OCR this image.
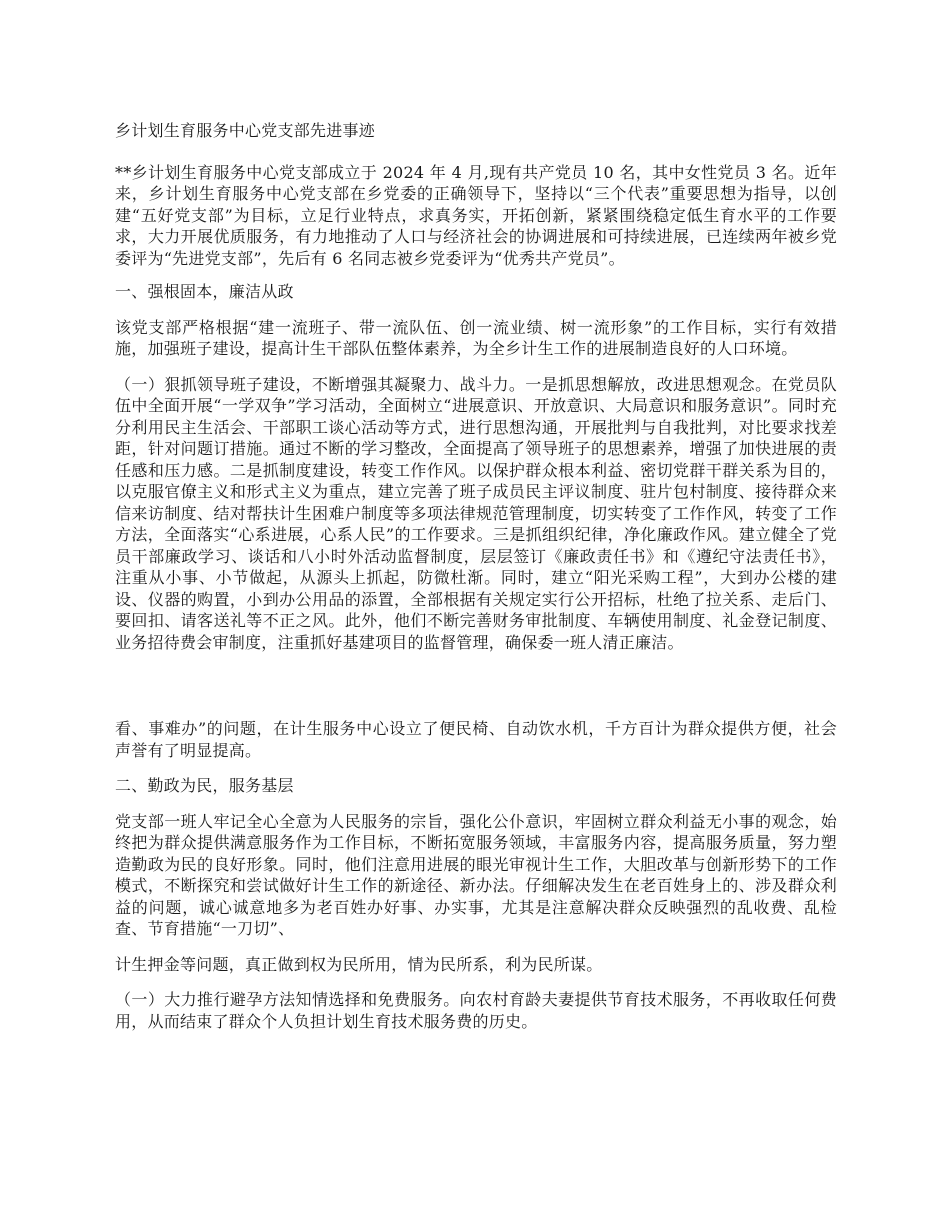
乡计划生育服务中心党支部先进事迹

**乡计划生育服务中心党支部成立于 2024 年 4 月,现有共产党员 10 名，其中女性党员 3 名。近年来，乡计划生育服务中心党支部在乡党委的正确领导下，坚持以“三个代表”重要思想为指导，以创建“五好党支部”为目标，立足行业特点，求真务实，开拓创新，紧紧围绕稳定低生育水平的工作要求，大力开展优质服务，有力地推动了人口与经济社会的协调进展和可持续进展，已连续两年被乡党委评为“先进党支部”，先后有 6 名同志被乡党委评为“优秀共产党员”。

一、强根固本，廉洁从政

该党支部严格根据“建一流班子、带一流队伍、创一流业绩、树一流形象”的工作目标，实行有效措施，加强班子建设，提高计生干部队伍整体素养，为全乡计生工作的进展制造良好的人口环境。

（一）狠抓领导班子建设，不断增强其凝聚力、战斗力。一是抓思想解放，改进思想观念。在党员队伍中全面开展“一学双争”学习活动，全面树立“进展意识、开放意识、大局意识和服务意识”。同时充分利用民主生活会、干部职工谈心活动等方式，进行思想沟通，开展批判与自我批判，对比要求找差距，针对问题订措施。通过不断的学习整改，全面提高了领导班子的思想素养，增强了加快进展的责任感和压力感。二是抓制度建设，转变工作作风。以保护群众根本利益、密切党群干群关系为目的，以克服官僚主义和形式主义为重点，建立完善了班子成员民主评议制度、驻片包村制度、接待群众来信来访制度、结对帮扶计生困难户制度等多项法律规范管理制度，切实转变了工作作风，转变了工作方法，全面落实“心系进展，心系人民”的工作要求。三是抓组织纪律，净化廉政作风。建立健全了党员干部廉政学习、谈话和八小时外活动监督制度，层层签订《廉政责任书》和《遵纪守法责任书》，注重从小事、小节做起，从源头上抓起，防微杜渐。同时，建立“阳光采购工程”，大到办公楼的建设、仪器的购置，小到办公用品的添置，全部根据有关规定实行公开招标，杜绝了拉关系、走后门、要回扣、请客送礼等不正之风。此外，他们不断完善财务审批制度、车辆使用制度、礼金登记制度、业务招待费会审制度，注重抓好基建项目的监督管理，确保委一班人清正廉洁。

看、事难办”的问题，在计生服务中心设立了便民椅、自动饮水机，千方百计为群众提供方便，社会声誉有了明显提高。

二、勤政为民，服务基层

党支部一班人牢记全心全意为人民服务的宗旨，强化公仆意识，牢固树立群众利益无小事的观念，始终把为群众提供满意服务作为工作目标，不断拓宽服务领域，丰富服务内容，提高服务质量，努力塑造勤政为民的良好形象。同时，他们注意用进展的眼光审视计生工作，大胆改革与创新形势下的工作模式，不断探究和尝试做好计生工作的新途径、新办法。仔细解决发生在老百姓身上的、涉及群众利益的问题，诚心诚意地多为老百姓办好事、办实事，尤其是注意解决群众反映强烈的乱收费、乱检查、节育措施“一刀切”、

计生押金等问题，真正做到权为民所用，情为民所系，利为民所谋。

（一）大力推行避孕方法知情选择和免费服务。向农村育龄夫妻提供节育技术服务，不再收取任何费用，从而结束了群众个人负担计划生育技术服务费的历史。
